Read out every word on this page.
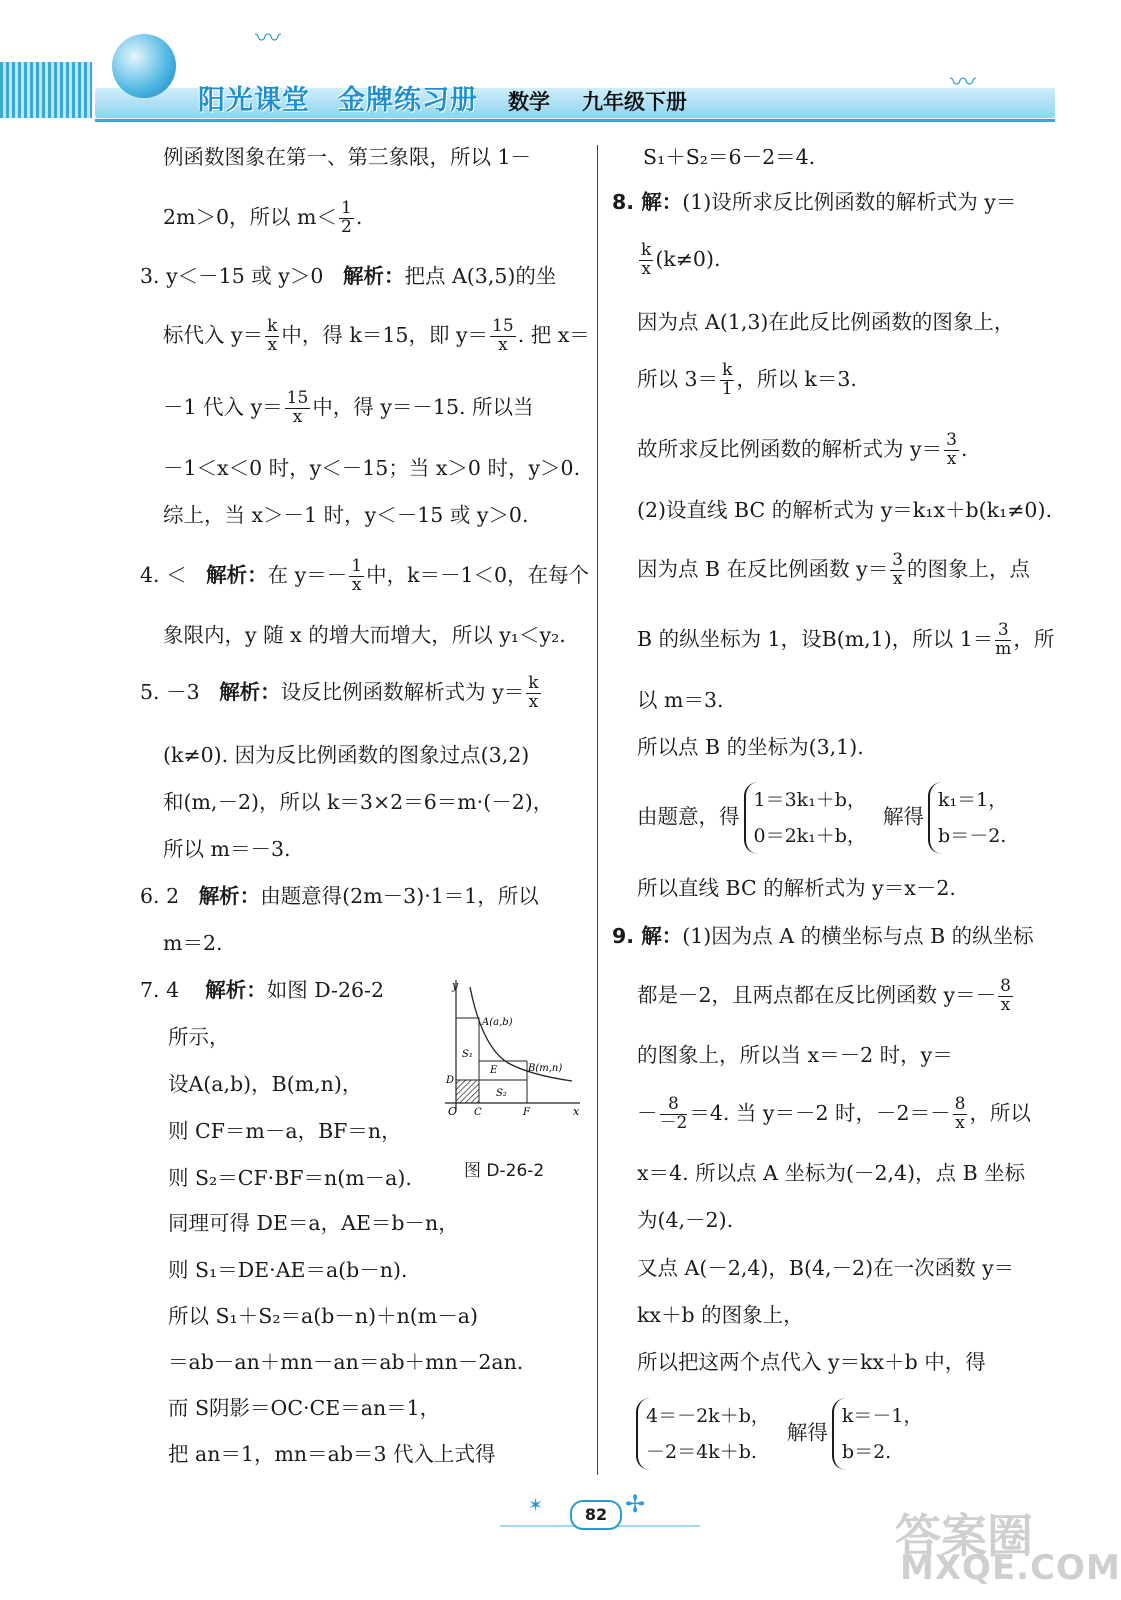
〰
〰
阳光课堂 金牌练习册 数学 九年级下册
例函数图象在第一、第三象限，所以 1－
2m＞0，所以 $m< \frac{1}{2}$ .
3. y＜－15 或 y＞0 解析：把点 A(3,5)的坐
标代入 $y= \frac{k}{x}$ 中，得 k＝15，即 $y= \frac{15}{x}$ . 把 x＝
－1 代入 $y= \frac{15}{x}$ 中，得 y＝－15. 所以当
－1＜x＜0 时，y＜－15；当 x＞0 时，y＞0.
综上，当 x＞－1 时，y＜－15 或 y＞0.
4. ＜ 解析：在 $y=- \frac{1}{x}$ 中，k＝－1＜0，在每个
象限内，y 随 x 的增大而增大，所以 y₁＜y₂.
5. －3 解析：设反比例函数解析式为 $y= \frac{k}{x}$
(k≠0). 因为反比例函数的图象过点(3,2)
和(m,－2)，所以 k＝3×2＝6＝m·(－2)，
所以 m＝－3.
6. 2 解析：由题意得(2m－3)·1＝1，所以
m＝2.
7. 4 解析：如图 D-26-2
所示，
设A(a,b)，B(m,n)，
则 CF＝m－a，BF＝n，
则 S₂＝CF·BF＝n(m－a).
同理可得 DE＝a，AE＝b－n，
则 S₁＝DE·AE＝a(b－n).
所以 S₁＋S₂＝a(b－n)＋n(m－a)
＝ab－an＋mn－an＝ab＋mn－2an.
而 S阴影＝OC·CE＝an＝1，
把 an＝1，mn＝ab＝3 代入上式得
y
x
O
A(a,b)
B(m,n)
S₁
S₂
E
D
C	F
图 D-26-2
S₁＋S₂＝6－2＝4.
8. 解：(1)设所求反比例函数的解析式为 y＝
$\frac{k}{x} (k\ne 0)$.
因为点 A(1,3)在此反比例函数的图象上，
所以 $3= \frac{k}{1}$ ，所以 k＝3.
故所求反比例函数的解析式为 $y= \frac{3}{x}$ .
(2)设直线 BC 的解析式为 y＝k₁x＋b(k₁≠0).
因为点 B 在反比例函数 $y= \frac{3}{x}$ 的图象上，点
B 的纵坐标为 1，设B(m,1)，所以 $1= \frac{3}{m}$ ，所
以 m＝3.
所以点 B 的坐标为(3,1).
由题意，得1＝3k₁＋b，
0＝2k₁＋b，  解得k₁＝1，
b＝－2.
所以直线 BC 的解析式为 y＝x－2.
9. 解：(1)因为点 A 的横坐标与点 B 的纵坐标
都是－2，且两点都在反比例函数 $y=- \frac{8}{x}$
的图象上，所以当 x＝－2 时，y＝
－ $\frac{8}{-2} =4$. 当 y＝－2 时，$-2=- \frac{8}{x}$ ，所以
x＝4. 所以点 A 坐标为(－2,4)，点 B 坐标
为(4,－2).
又点 A(－2,4)，B(4,－2)在一次函数 y＝
kx＋b 的图象上，
所以把这两个点代入 y＝kx＋b 中，得
4＝－2k＋b，
－2＝4k＋b.  解得k＝－1，
b＝2.
✶	✢
82	答案圈
MXQE.COM
